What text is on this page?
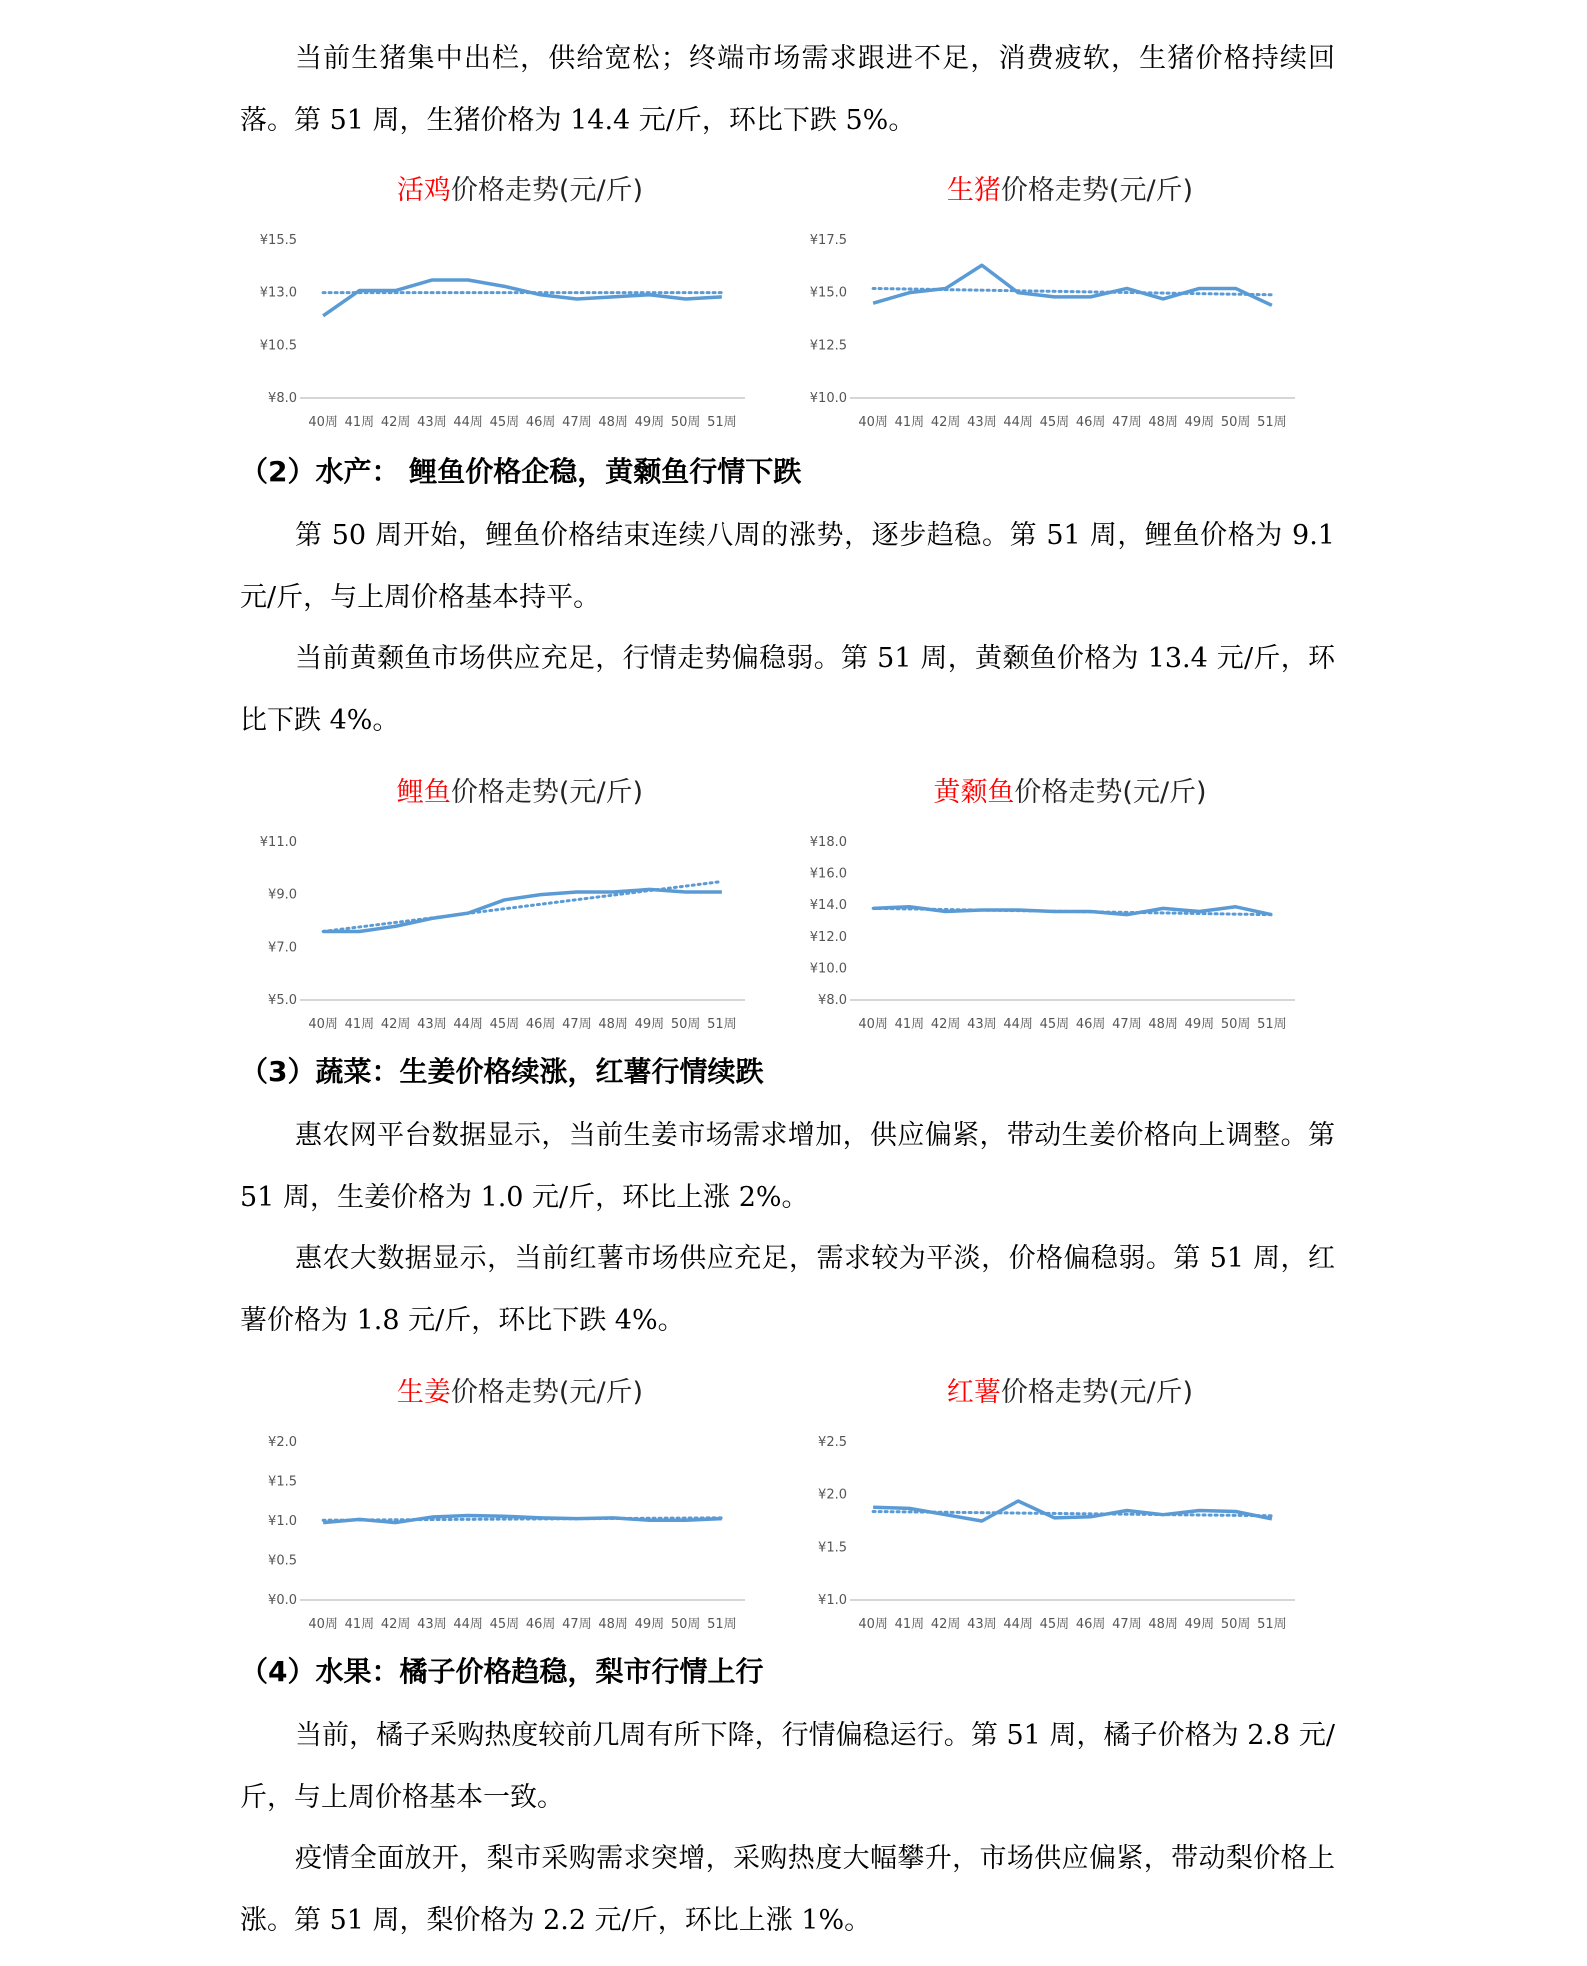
当前生猪集中出栏，供给宽松；终端市场需求跟进不足，消费疲软，生猪价格持续回落。第 51 周，生猪价格为 14.4 元/斤，环比下跌 5%。

活鸡价格走势(元/斤)
¥8.0
¥10.5
¥13.0
¥15.5
40周 41周 42周 43周 44周 45周 46周 47周 48周 49周 50周 51周
生猪价格走势(元/斤)
¥10.0
¥12.5
¥15.0
¥17.5
40周 41周 42周 43周 44周 45周 46周 47周 48周 49周 50周 51周
（2）水产： 鲤鱼价格企稳，黄颡鱼行情下跌

第 50 周开始，鲤鱼价格结束连续八周的涨势，逐步趋稳。第 51 周，鲤鱼价格为 9.1 元/斤，与上周价格基本持平。

当前黄颡鱼市场供应充足，行情走势偏稳弱。第 51 周，黄颡鱼价格为 13.4 元/斤，环比下跌 4%。

鲤鱼价格走势(元/斤)
¥5.0
¥7.0
¥9.0
¥11.0
40周 41周 42周 43周 44周 45周 46周 47周 48周 49周 50周 51周
黄颡鱼价格走势(元/斤)
¥8.0
¥10.0
¥12.0
¥14.0
¥16.0
¥18.0
40周 41周 42周 43周 44周 45周 46周 47周 48周 49周 50周 51周
（3）蔬菜：生姜价格续涨，红薯行情续跌

惠农网平台数据显示，当前生姜市场需求增加，供应偏紧，带动生姜价格向上调整。第 51 周，生姜价格为 1.0 元/斤，环比上涨 2%。

惠农大数据显示，当前红薯市场供应充足，需求较为平淡，价格偏稳弱。第 51 周，红薯价格为 1.8 元/斤，环比下跌 4%。

生姜价格走势(元/斤)
¥0.0
¥0.5
¥1.0
¥1.5
¥2.0
40周 41周 42周 43周 44周 45周 46周 47周 48周 49周 50周 51周
红薯价格走势(元/斤)
¥1.0
¥1.5
¥2.0
¥2.5
40周 41周 42周 43周 44周 45周 46周 47周 48周 49周 50周 51周
（4）水果：橘子价格趋稳，梨市行情上行

当前，橘子采购热度较前几周有所下降，行情偏稳运行。第 51 周，橘子价格为 2.8 元/斤，与上周价格基本一致。

疫情全面放开，梨市采购需求突增，采购热度大幅攀升，市场供应偏紧，带动梨价格上涨。第 51 周，梨价格为 2.2 元/斤，环比上涨 1%。
